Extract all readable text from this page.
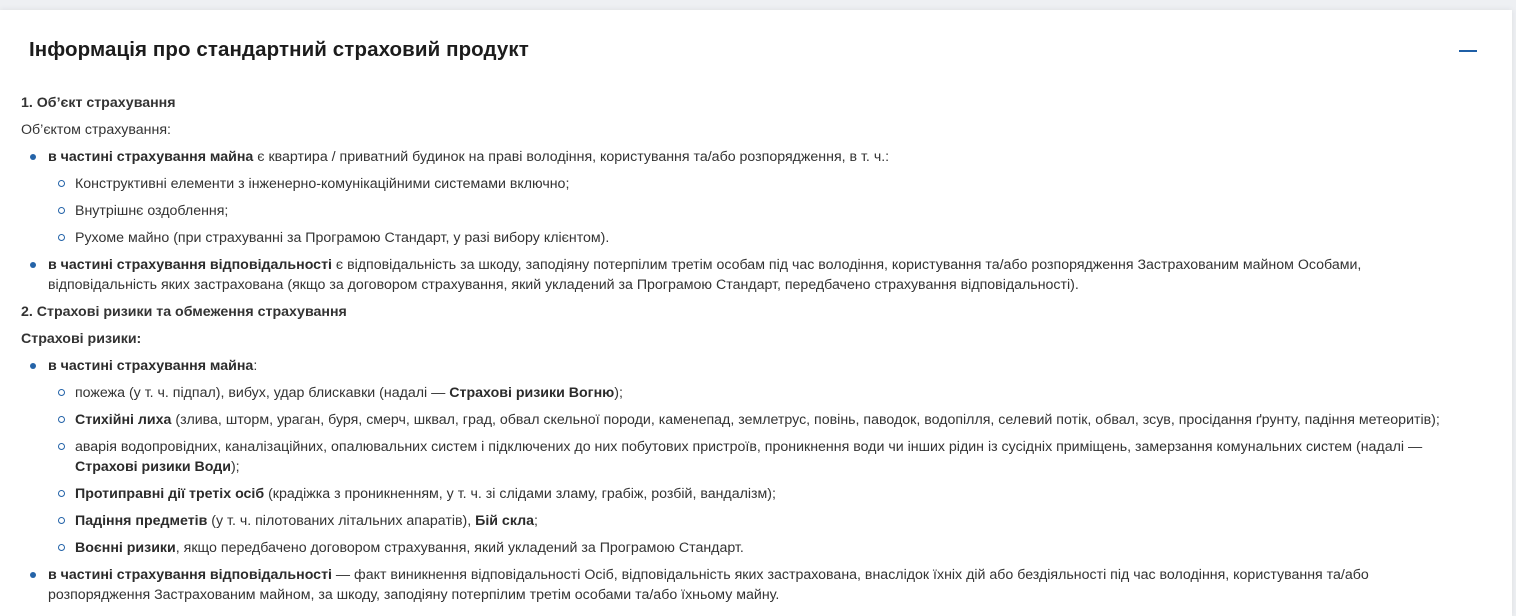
Інформація про стандартний страховий продукт

1. Об’єкт страхування

Об’єктом страхування:

в частині страхування майна є квартира / приватний будинок на праві володіння, користування та/або розпорядження, в т. ч.:
Конструктивні елементи з інженерно-комунікаційними системами включно;
Внутрішнє оздоблення;
Рухоме майно (при страхуванні за Програмою Стандарт, у разі вибору клієнтом).
в частині страхування відповідальності є відповідальність за шкоду, заподіяну потерпілим третім особам під час володіння, користування та/або розпорядження Застрахованим майном Особами, відповідальність яких застрахована (якщо за договором страхування, який укладений за Програмою Стандарт, передбачено страхування відповідальності).

2. Страхові ризики та обмеження страхування

Страхові ризики:

в частині страхування майна:
пожежа (у т. ч. підпал), вибух, удар блискавки (надалі — Страхові ризики Вогню);
Стихійні лиха (злива, шторм, ураган, буря, смерч, шквал, град, обвал скельної породи, каменепад, землетрус, повінь, паводок, водопілля, селевий потік, обвал, зсув, просідання ґрунту, падіння метеоритів);
аварія водопровідних, каналізаційних, опалювальних систем і підключених до них побутових пристроїв, проникнення води чи інших рідин із сусідніх приміщень, замерзання комунальних систем (надалі — Страхові ризики Води);
Протиправні дії третіх осіб (крадіжка з проникненням, у т. ч. зі слідами зламу, грабіж, розбій, вандалізм);
Падіння предметів (у т. ч. пілотованих літальних апаратів), Бій скла;
Воєнні ризики, якщо передбачено договором страхування, який укладений за Програмою Стандарт.
в частині страхування відповідальності — факт виникнення відповідальності Осіб, відповідальність яких застрахована, внаслідок їхніх дій або бездіяльності під час володіння, користування та/або розпорядження Застрахованим майном, за шкоду, заподіяну потерпілим третім особами та/або їхньому майну.
